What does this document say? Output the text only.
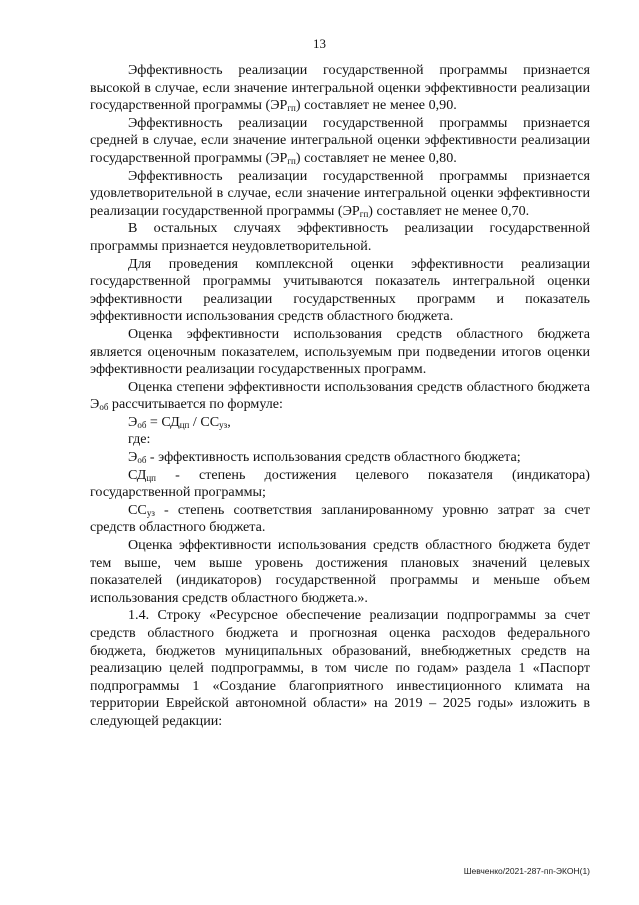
13

Эффективность реализации государственной программы признается высокой в случае, если значение интегральной оценки эффективности реализации государственной программы $(ЭР_{гп})$ составляет не менее 0,90.

Эффективность реализации государственной программы признается средней в случае, если значение интегральной оценки эффективности реализации государственной программы $(ЭР_{гп})$ составляет не менее 0,80.

Эффективность реализации государственной программы признается удовлетворительной в случае, если значение интегральной оценки эффективности реализации государственной программы $(ЭР_{гп})$ составляет не менее 0,70.

В остальных случаях эффективность реализации государственной программы признается неудовлетворительной.

Для проведения комплексной оценки эффективности реализации государственной программы учитываются показатель интегральной оценки эффективности реализации государственных программ и показатель эффективности использования средств областного бюджета.

Оценка эффективности использования средств областного бюджета является оценочным показателем, используемым при подведении итогов оценки эффективности реализации государственных программ.

Оценка степени эффективности использования средств областного бюджета $Э_{об}$ рассчитывается по формуле:

$Э_{об} = СД_{цп} / СС_{уз}$,

где:

$Э_{об}$ - эффективность использования средств областного бюджета;

$СД_{цп}$ - степень достижения целевого показателя (индикатора) государственной программы;

$СС_{уз}$ - степень соответствия запланированному уровню затрат за счет средств областного бюджета.

Оценка эффективности использования средств областного бюджета будет тем выше, чем выше уровень достижения плановых значений целевых показателей (индикаторов) государственной программы и меньше объем использования средств областного бюджета.».

1.4. Строку «Ресурсное обеспечение реализации подпрограммы за счет средств областного бюджета и прогнозная оценка расходов федерального бюджета, бюджетов муниципальных образований, внебюджетных средств на реализацию целей подпрограммы, в том числе по годам» раздела 1 «Паспорт подпрограммы 1 «Создание благоприятного инвестиционного климата на территории Еврейской автономной области» на 2019 – 2025 годы» изложить в следующей редакции:

Шевченко/2021-287-пп-ЭКОН(1)
